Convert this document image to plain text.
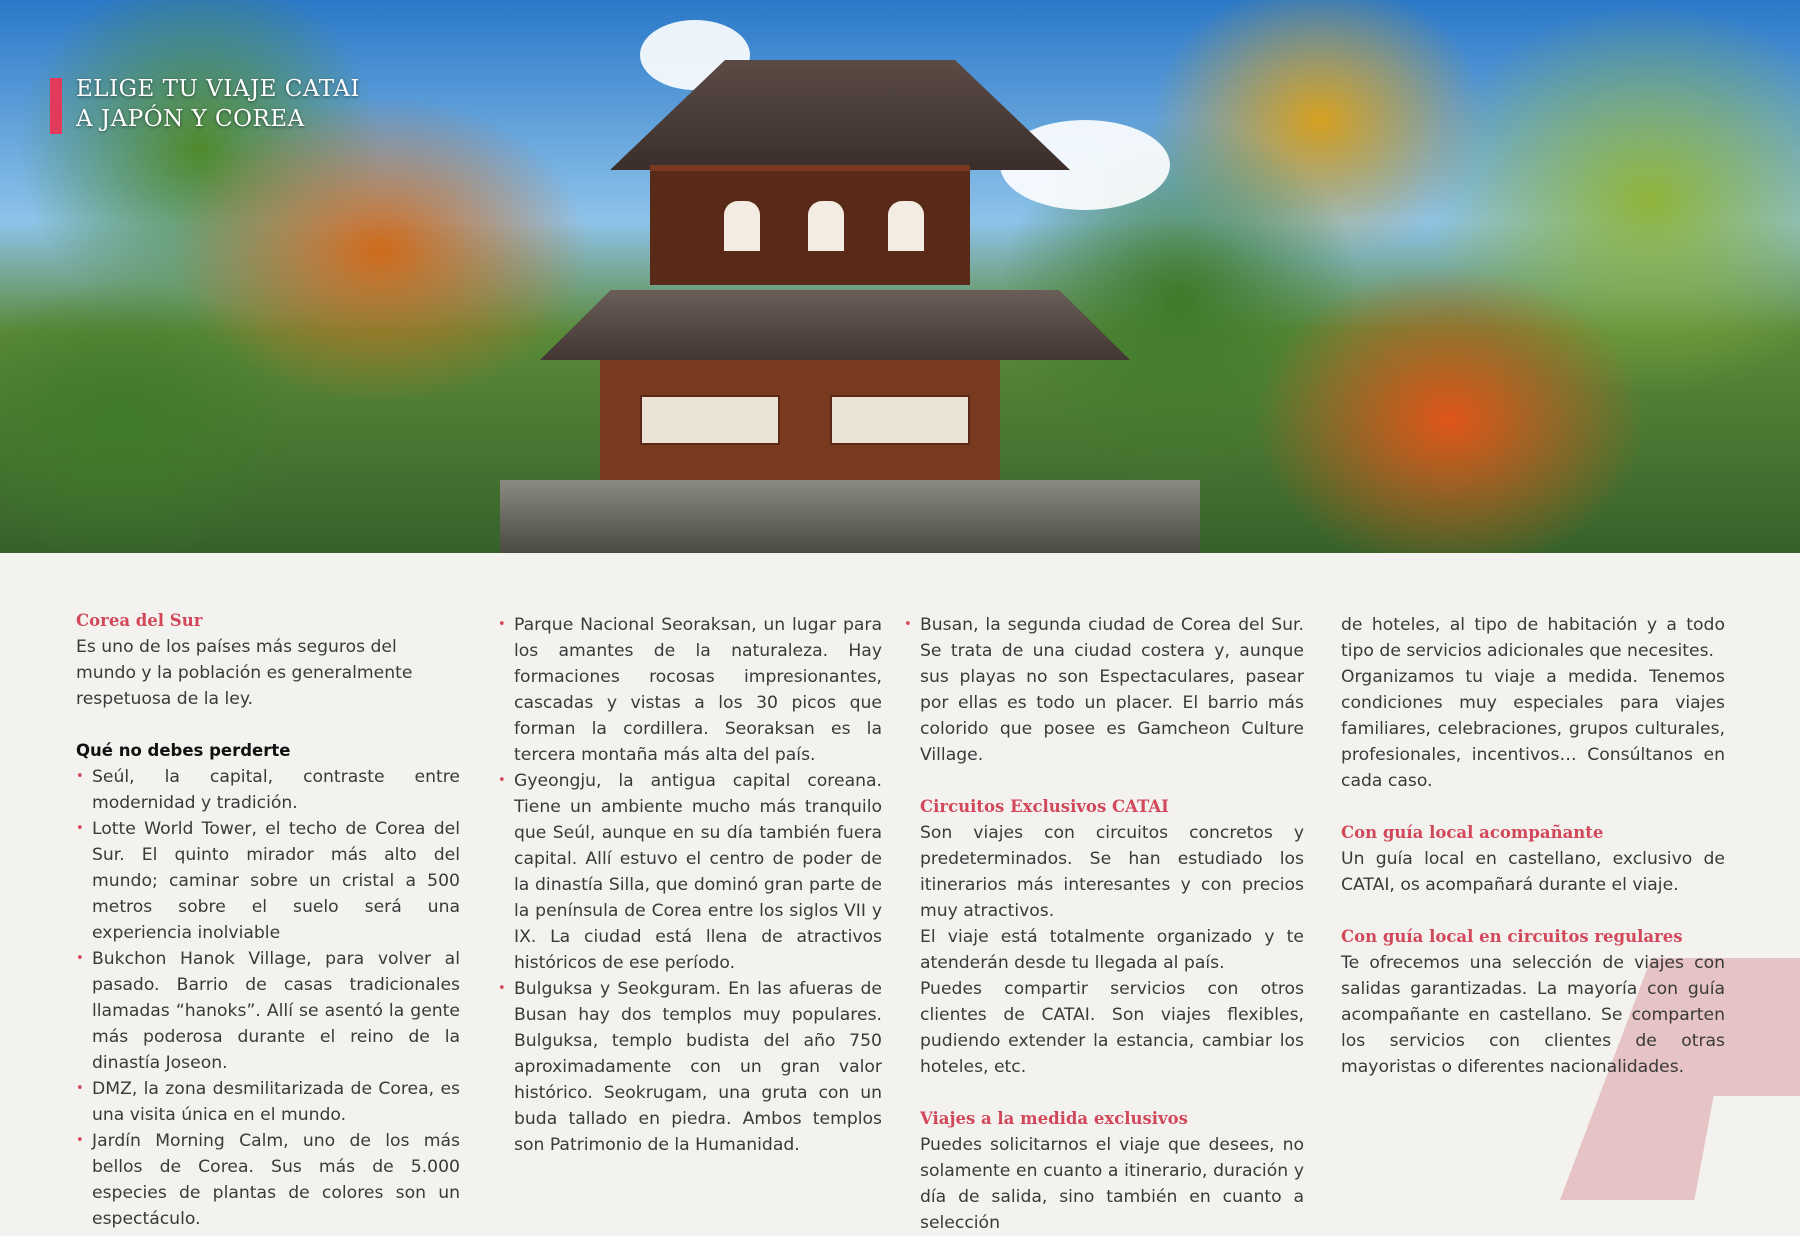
ELIGE TU VIAJE CATAI
A JAPÓN Y COREA
Corea del Sur

Es uno de los países más seguros del mundo y la población es generalmente respetuosa de la ley.

Qué no debes perderte
• Seúl, la capital, contraste entre modernidad y tradición.
• Lotte World Tower, el techo de Corea del Sur. El quinto mirador más alto del mundo; caminar sobre un cristal a 500 metros sobre el suelo será una experiencia inolviable
• Bukchon Hanok Village, para volver al pasado. Barrio de casas tradicionales llamadas “hanoks”. Allí se asentó la gente más poderosa durante el reino de la dinastía Joseon.
• DMZ, la zona desmilitarizada de Corea, es una visita única en el mundo.
• Jardín Morning Calm, uno de los más bellos de Corea. Sus más de 5.000 especies de plantas de colores son un espectáculo.
• Parque Nacional Seoraksan, un lugar para los amantes de la naturaleza. Hay formaciones rocosas impresionantes, cascadas y vistas a los 30 picos que forman la cordillera. Seoraksan es la tercera montaña más alta del país.
• Gyeongju, la antigua capital coreana. Tiene un ambiente mucho más tranquilo que Seúl, aunque en su día también fuera capital. Allí estuvo el centro de poder de la dinastía Silla, que dominó gran parte de la península de Corea entre los siglos VII y IX. La ciudad está llena de atractivos históricos de ese período.
• Bulguksa y Seokguram. En las afueras de Busan hay dos templos muy populares. Bulguksa, templo budista del año 750 aproximadamente con un gran valor histórico. Seokrugam, una gruta con un buda tallado en piedra. Ambos templos son Patrimonio de la Humanidad.
• Busan, la segunda ciudad de Corea del Sur. Se trata de una ciudad costera y, aunque sus playas no son Espectaculares, pasear por ellas es todo un placer. El barrio más colorido que posee es Gamcheon Culture Village.
Circuitos Exclusivos CATAI

Son viajes con circuitos concretos y predeterminados. Se han estudiado los itinerarios más interesantes y con precios muy atractivos.

El viaje está totalmente organizado y te atenderán desde tu llegada al país.

Puedes compartir servicios con otros clientes de CATAI. Son viajes flexibles, pudiendo extender la estancia, cambiar los hoteles, etc.

Viajes a la medida exclusivos

Puedes solicitarnos el viaje que desees, no solamente en cuanto a itinerario, duración y día de salida, sino también en cuanto a selección

de hoteles, al tipo de habitación y a todo tipo de servicios adicionales que necesites.

Organizamos tu viaje a medida. Tenemos condiciones muy especiales para viajes familiares, celebraciones, grupos culturales, profesionales, incentivos… Consúltanos en cada caso.

Con guía local acompañante

Un guía local en castellano, exclusivo de CATAI, os acompañará durante el viaje.

Con guía local en circuitos regulares

Te ofrecemos una selección de viajes con salidas garantizadas. La mayoría con guía acompañante en castellano. Se comparten los servicios con clientes de otras mayoristas o diferentes nacionalidades.
